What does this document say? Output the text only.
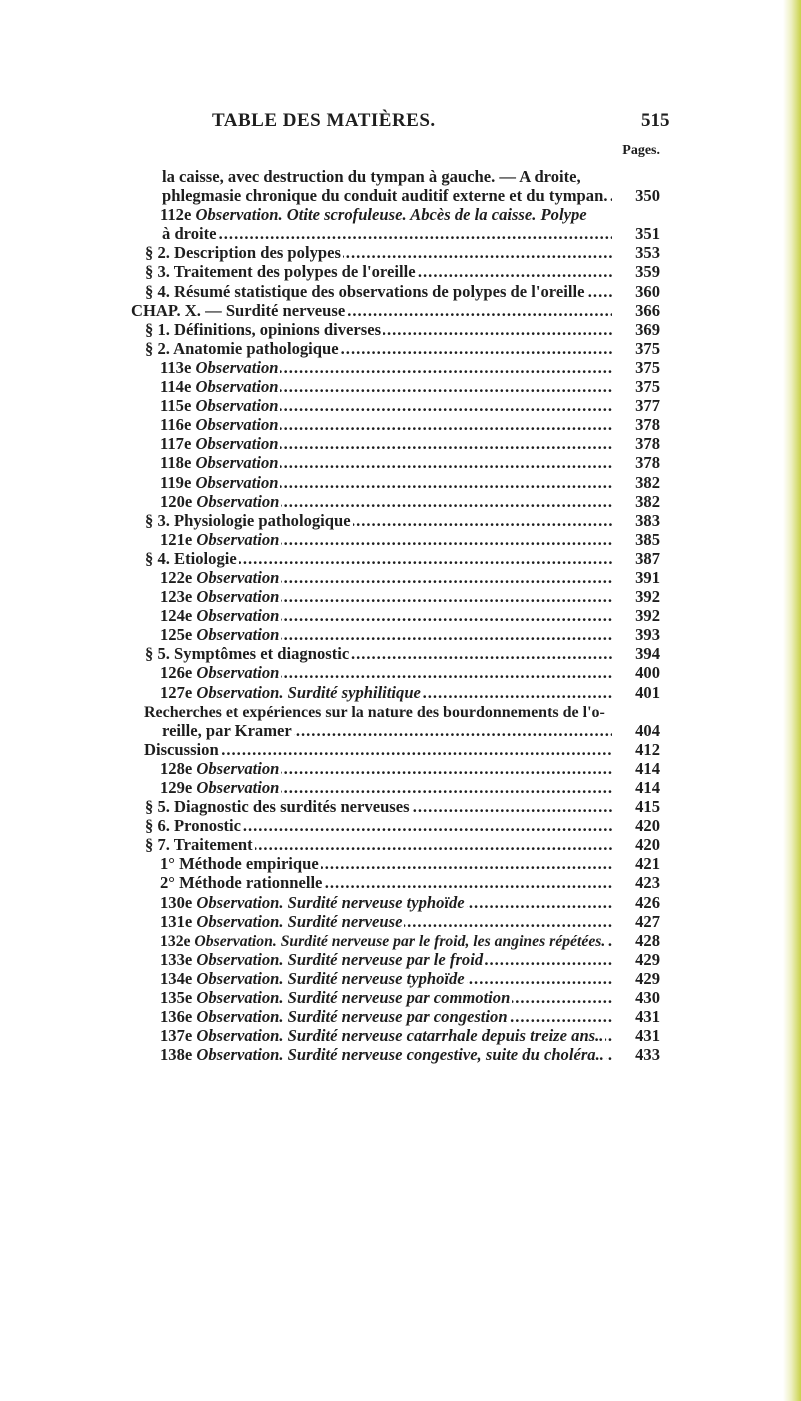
TABLE DES MATIÈRES.	515
Pages.
la caisse, avec destruction du tympan à gauche. — A droite,
phlegmasie chronique du conduit auditif externe et du tympan. .....	350
112e Observation. Otite scrofuleuse. Abcès de la caisse. Polype
à droite .....	351
§ 2. Description des polypes .....	353
§ 3. Traitement des polypes de l'oreille .....	359
§ 4. Résumé statistique des observations de polypes de l'oreille .....	360
CHAP. X. — Surdité nerveuse .....	366
§ 1. Définitions, opinions diverses .....	369
§ 2. Anatomie pathologique .....	375
113e Observation .....	375
114e Observation .....	375
115e Observation .....	377
116e Observation .....	378
117e Observation .....	378
118e Observation .....	378
119e Observation .....	382
120e Observation .....	382
§ 3. Physiologie pathologique .....	383
121e Observation .....	385
§ 4. Etiologie .....	387
122e Observation .....	391
123e Observation .....	392
124e Observation .....	392
125e Observation .....	393
§ 5. Symptômes et diagnostic .....	394
126e Observation .....	400
127e Observation. Surdité syphilitique .....	401
Recherches et expériences sur la nature des bourdonnements de l'o-
reille, par Kramer .....	404
Discussion .....	412
128e Observation .....	414
129e Observation .....	414
§ 5. Diagnostic des surdités nerveuses .....	415
§ 6. Pronostic .....	420
§ 7. Traitement .....	420
1° Méthode empirique .....	421
2° Méthode rationnelle .....	423
130e Observation. Surdité nerveuse typhoïde .....	426
131e Observation. Surdité nerveuse .....	427
132e Observation. Surdité nerveuse par le froid, les angines répétées. .....	428
133e Observation. Surdité nerveuse par le froid .....	429
134e Observation. Surdité nerveuse typhoïde .....	429
135e Observation. Surdité nerveuse par commotion .....	430
136e Observation. Surdité nerveuse par congestion .....	431
137e Observation. Surdité nerveuse catarrhale depuis treize ans.. .....	431
138e Observation. Surdité nerveuse congestive, suite du choléra.. .....	433
